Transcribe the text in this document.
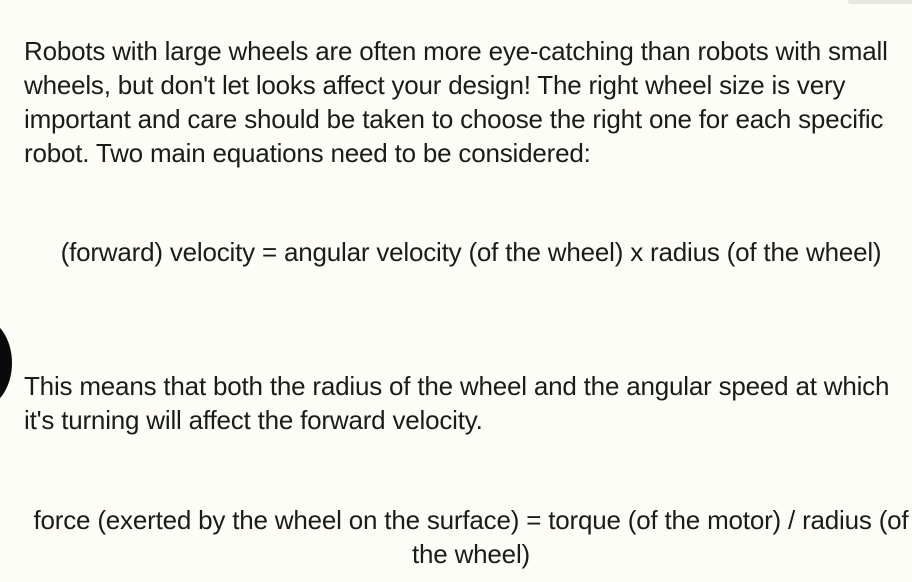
Robots with large wheels are often more eye-catching than robots with small wheels, but don't let looks affect your design! The right wheel size is very important and care should be taken to choose the right one for each specific robot. Two main equations need to be considered:

(forward) velocity = angular velocity (of the wheel) x radius (of the wheel)

This means that both the radius of the wheel and the angular speed at which it's turning will affect the forward velocity.

force (exerted by the wheel on the surface) = torque (of the motor) / radius (of the wheel)
